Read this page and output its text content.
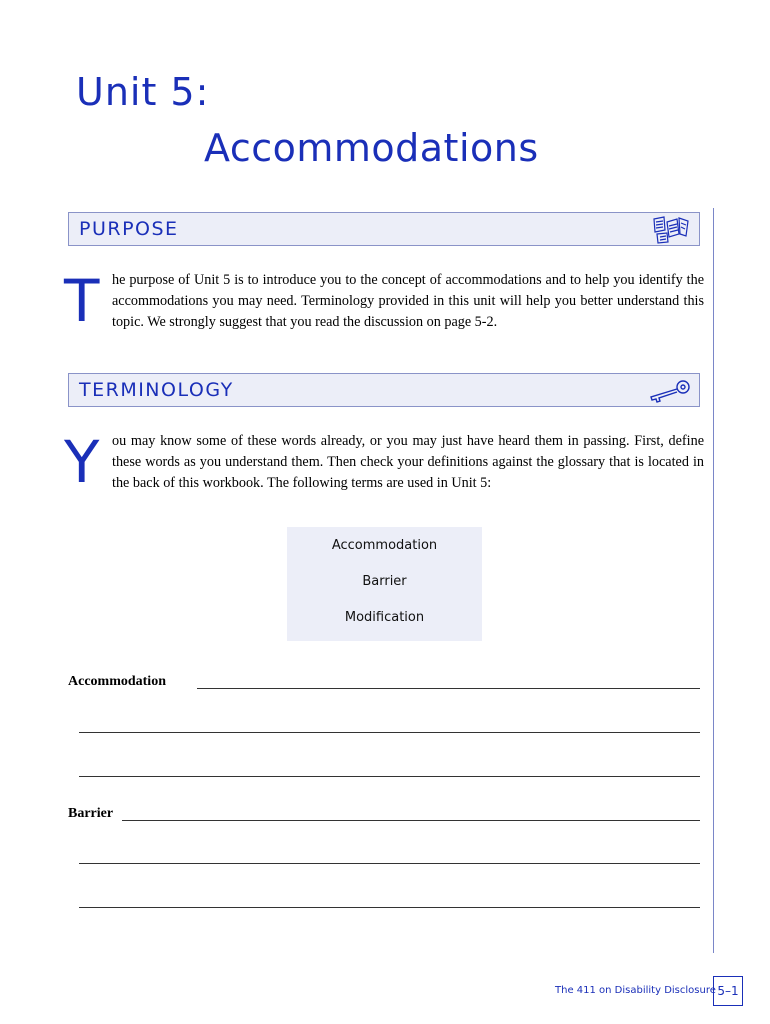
Unit 5:
Accommodations
PURPOSE
T he purpose of Unit 5 is to introduce you to the concept of accommodations and to help you identify the accommodations you may need. Terminology provided in this unit will help you better understand this topic. We strongly suggest that you read the discussion on page 5-2.

TERMINOLOGY
Y ou may know some of these words already, or you may just have heard them in passing. First, define these words as you understand them. Then check your definitions against the glossary that is located in the back of this workbook. The following terms are used in Unit 5:

Accommodation
Barrier
Modification
Accommodation
Barrier
The 411 on Disability Disclosure 5–1
